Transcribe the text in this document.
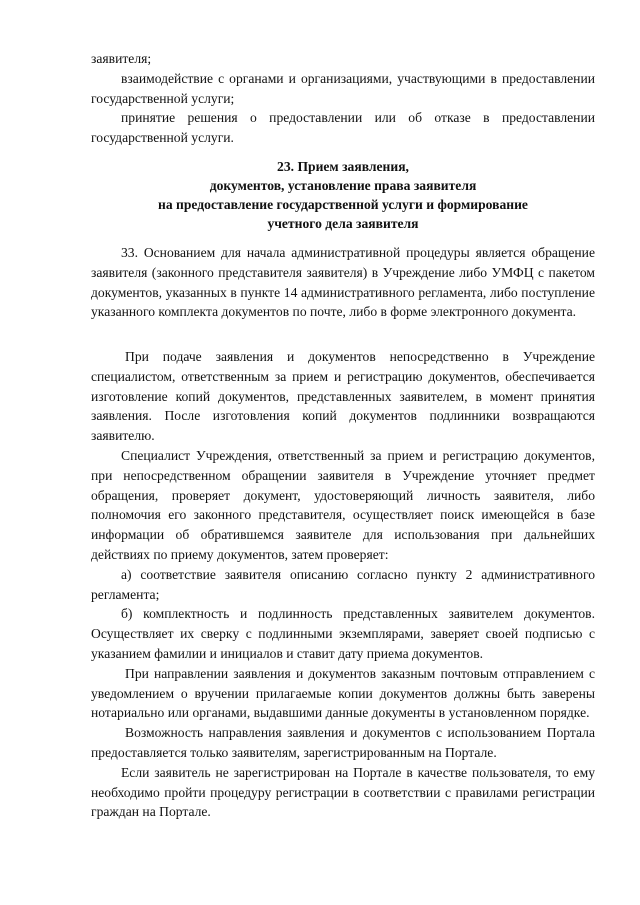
заявителя;

взаимодействие с органами и организациями, участвующими в предоставлении государственной услуги;

принятие решения о предоставлении или об отказе в предоставлении государственной услуги.

23. Прием заявления,
документов, установление права заявителя
на предоставление государственной услуги и формирование
учетного дела заявителя

33. Основанием для начала административной процедуры является обращение заявителя (законного представителя заявителя) в Учреждение либо УМФЦ с пакетом документов, указанных в пункте 14 административного регламента, либо поступление указанного комплекта документов по почте, либо в форме электронного документа.

При подаче заявления и документов непосредственно в Учреждение специалистом, ответственным за прием и регистрацию документов, обеспечивается изготовление копий документов, представленных заявителем, в момент принятия заявления. После изготовления копий документов подлинники возвращаются заявителю.

Специалист Учреждения, ответственный за прием и регистрацию документов, при непосредственном обращении заявителя в Учреждение уточняет предмет обращения, проверяет документ, удостоверяющий личность заявителя, либо полномочия его законного представителя, осуществляет поиск имеющейся в базе информации об обратившемся заявителе для использования при дальнейших действиях по приему документов, затем проверяет:

а) соответствие заявителя описанию согласно пункту 2 административного регламента;

б) комплектность и подлинность представленных заявителем документов. Осуществляет их сверку с подлинными экземплярами, заверяет своей подписью с указанием фамилии и инициалов и ставит дату приема документов.

При направлении заявления и документов заказным почтовым отправлением с уведомлением о вручении прилагаемые копии документов должны быть заверены нотариально или органами, выдавшими данные документы в установленном порядке.

Возможность направления заявления и документов с использованием Портала предоставляется только заявителям, зарегистрированным на Портале.

Если заявитель не зарегистрирован на Портале в качестве пользователя, то ему необходимо пройти процедуру регистрации в соответствии с правилами регистрации граждан на Портале.
